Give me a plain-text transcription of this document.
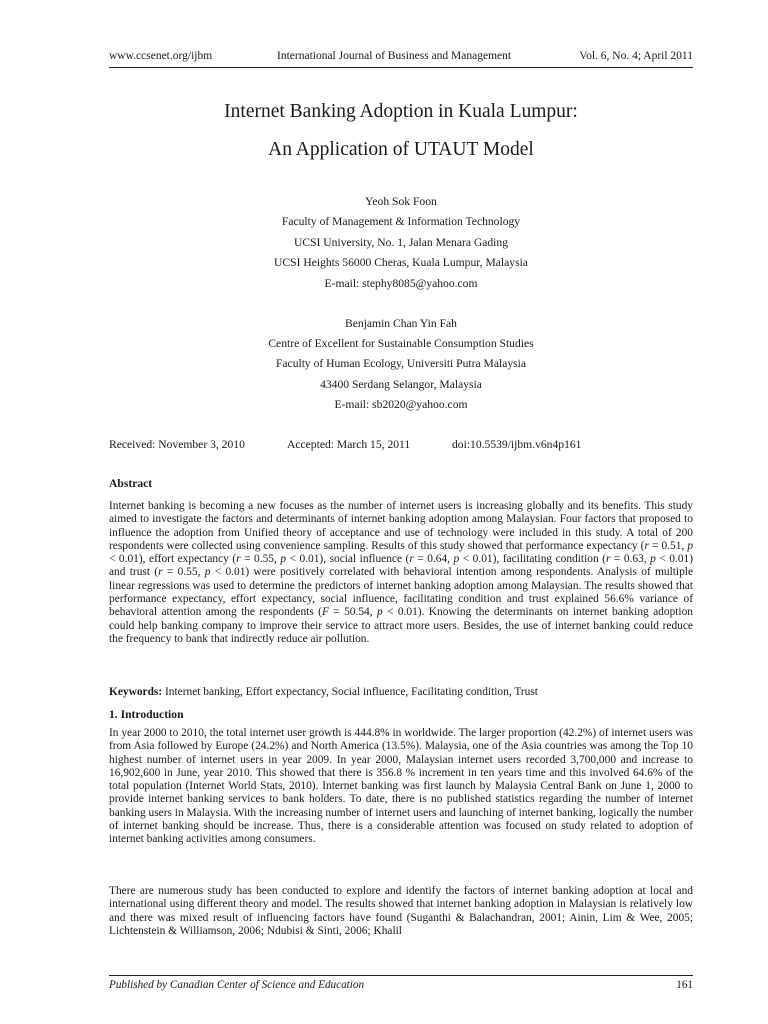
www.ccsenet.org/ijbm	International Journal of Business and Management	Vol. 6, No. 4; April 2011
Internet Banking Adoption in Kuala Lumpur:
An Application of UTAUT Model
Yeoh Sok Foon
Faculty of Management & Information Technology
UCSI University, No. 1, Jalan Menara Gading
UCSI Heights 56000 Cheras, Kuala Lumpur, Malaysia
E-mail: stephy8085@yahoo.com
Benjamin Chan Yin Fah
Centre of Excellent for Sustainable Consumption Studies
Faculty of Human Ecology, Universiti Putra Malaysia
43400 Serdang Selangor, Malaysia
E-mail: sb2020@yahoo.com
Received: November 3, 2010	Accepted: March 15, 2011	doi:10.5539/ijbm.v6n4p161
Abstract

Internet banking is becoming a new focuses as the number of internet users is increasing globally and its benefits. This study aimed to investigate the factors and determinants of internet banking adoption among Malaysian. Four factors that proposed to influence the adoption from Unified theory of acceptance and use of technology were included in this study. A total of 200 respondents were collected using convenience sampling. Results of this study showed that performance expectancy (r = 0.51, p < 0.01), effort expectancy (r = 0.55, p < 0.01), social influence (r = 0.64, p < 0.01), facilitating condition (r = 0.63, p < 0.01) and trust (r = 0.55, p < 0.01) were positively correlated with behavioral intention among respondents. Analysis of multiple linear regressions was used to determine the predictors of internet banking adoption among Malaysian. The results showed that performance expectancy, effort expectancy, social influence, facilitating condition and trust explained 56.6% variance of behavioral attention among the respondents (F = 50.54, p < 0.01). Knowing the determinants on internet banking adoption could help banking company to improve their service to attract more users. Besides, the use of internet banking could reduce the frequency to bank that indirectly reduce air pollution.

Keywords: Internet banking, Effort expectancy, Social influence, Facilitating condition, Trust

1. Introduction

In year 2000 to 2010, the total internet user growth is 444.8% in worldwide. The larger proportion (42.2%) of internet users was from Asia followed by Europe (24.2%) and North America (13.5%). Malaysia, one of the Asia countries was among the Top 10 highest number of internet users in year 2009. In year 2000, Malaysian internet users recorded 3,700,000 and increase to 16,902,600 in June, year 2010. This showed that there is 356.8 % increment in ten years time and this involved 64.6% of the total population (Internet World Stats, 2010). Internet banking was first launch by Malaysia Central Bank on June 1, 2000 to provide internet banking services to bank holders. To date, there is no published statistics regarding the number of internet banking users in Malaysia. With the increasing number of internet users and launching of internet banking, logically the number of internet banking should be increase. Thus, there is a considerable attention was focused on study related to adoption of internet banking activities among consumers.

There are numerous study has been conducted to explore and identify the factors of internet banking adoption at local and international using different theory and model. The results showed that internet banking adoption in Malaysian is relatively low and there was mixed result of influencing factors have found (Suganthi & Balachandran, 2001; Ainin, Lim & Wee, 2005; Lichtenstein & Williamson, 2006; Ndubisi & Sinti, 2006; Khalil

Published by Canadian Center of Science and Education	161
